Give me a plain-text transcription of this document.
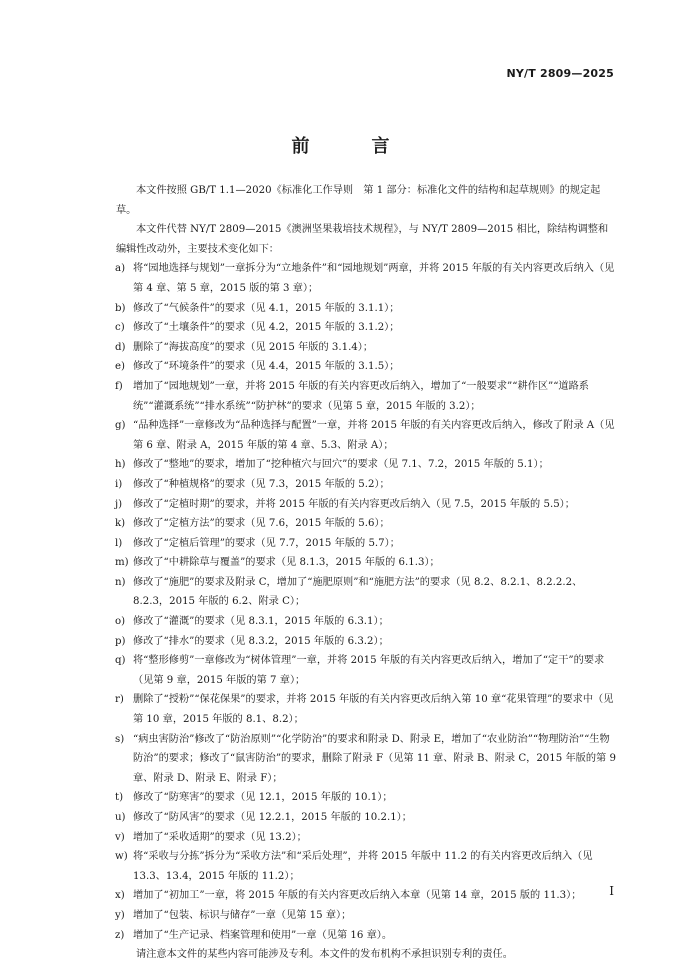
NY/T 2809—2025
前　言

本文件按照 GB/T 1.1—2020《标准化工作导则　第 1 部分：标准化文件的结构和起草规则》的规定起草。

本文件代替 NY/T 2809—2015《澳洲坚果栽培技术规程》，与 NY/T 2809—2015 相比，除结构调整和编辑性改动外，主要技术变化如下：

a) 将“园地选择与规划”一章拆分为“立地条件”和“园地规划”两章，并将 2015 年版的有关内容更改后纳入（见第 4 章、第 5 章，2015 版的第 3 章）；
b) 修改了“气候条件”的要求（见 4.1，2015 年版的 3.1.1）；
c) 修改了“土壤条件”的要求（见 4.2，2015 年版的 3.1.2）；
d) 删除了“海拔高度”的要求（见 2015 年版的 3.1.4）；
e) 修改了“环境条件”的要求（见 4.4，2015 年版的 3.1.5）；
f) 增加了“园地规划”一章，并将 2015 年版的有关内容更改后纳入，增加了“一般要求”“耕作区”“道路系统”“灌溉系统”“排水系统”“防护林”的要求（见第 5 章，2015 年版的 3.2）；
g) “品种选择”一章修改为“品种选择与配置”一章，并将 2015 年版的有关内容更改后纳入，修改了附录 A（见第 6 章、附录 A，2015 年版的第 4 章、5.3、附录 A）；
h) 修改了“整地”的要求，增加了“挖种植穴与回穴”的要求（见 7.1、7.2，2015 年版的 5.1）；
i) 修改了“种植规格”的要求（见 7.3，2015 年版的 5.2）；
j) 修改了“定植时期”的要求，并将 2015 年版的有关内容更改后纳入（见 7.5，2015 年版的 5.5）；
k) 修改了“定植方法”的要求（见 7.6，2015 年版的 5.6）；
l) 修改了“定植后管理”的要求（见 7.7，2015 年版的 5.7）；
m) 修改了“中耕除草与覆盖”的要求（见 8.1.3，2015 年版的 6.1.3）；
n) 修改了“施肥”的要求及附录 C，增加了“施肥原则”和“施肥方法”的要求（见 8.2、8.2.1、8.2.2.2、8.2.3，2015 年版的 6.2、附录 C）；
o) 修改了“灌溉”的要求（见 8.3.1，2015 年版的 6.3.1）；
p) 修改了“排水”的要求（见 8.3.2，2015 年版的 6.3.2）；
q) 将“整形修剪”一章修改为“树体管理”一章，并将 2015 年版的有关内容更改后纳入，增加了“定干”的要求（见第 9 章，2015 年版的第 7 章）；
r) 删除了“授粉”“保花保果”的要求，并将 2015 年版的有关内容更改后纳入第 10 章“花果管理”的要求中（见第 10 章，2015 年版的 8.1、8.2）；
s) “病虫害防治”修改了“防治原则”“化学防治”的要求和附录 D、附录 E，增加了“农业防治”“物理防治”“生物防治”的要求；修改了“鼠害防治”的要求，删除了附录 F（见第 11 章、附录 B、附录 C，2015 年版的第 9 章、附录 D、附录 E、附录 F）；
t) 修改了“防寒害”的要求（见 12.1，2015 年版的 10.1）；
u) 修改了“防风害”的要求（见 12.2.1，2015 年版的 10.2.1）；
v) 增加了“采收适期”的要求（见 13.2）；
w) 将“采收与分拣”拆分为“采收方法”和“采后处理”，并将 2015 年版中 11.2 的有关内容更改后纳入（见 13.3、13.4，2015 年版的 11.2）；
x) 增加了“初加工”一章，将 2015 年版的有关内容更改后纳入本章（见第 14 章，2015 版的 11.3）；
y) 增加了“包装、标识与储存”一章（见第 15 章）；
z) 增加了“生产记录、档案管理和使用”一章（见第 16 章）。

请注意本文件的某些内容可能涉及专利。本文件的发布机构不承担识别专利的责任。

I
